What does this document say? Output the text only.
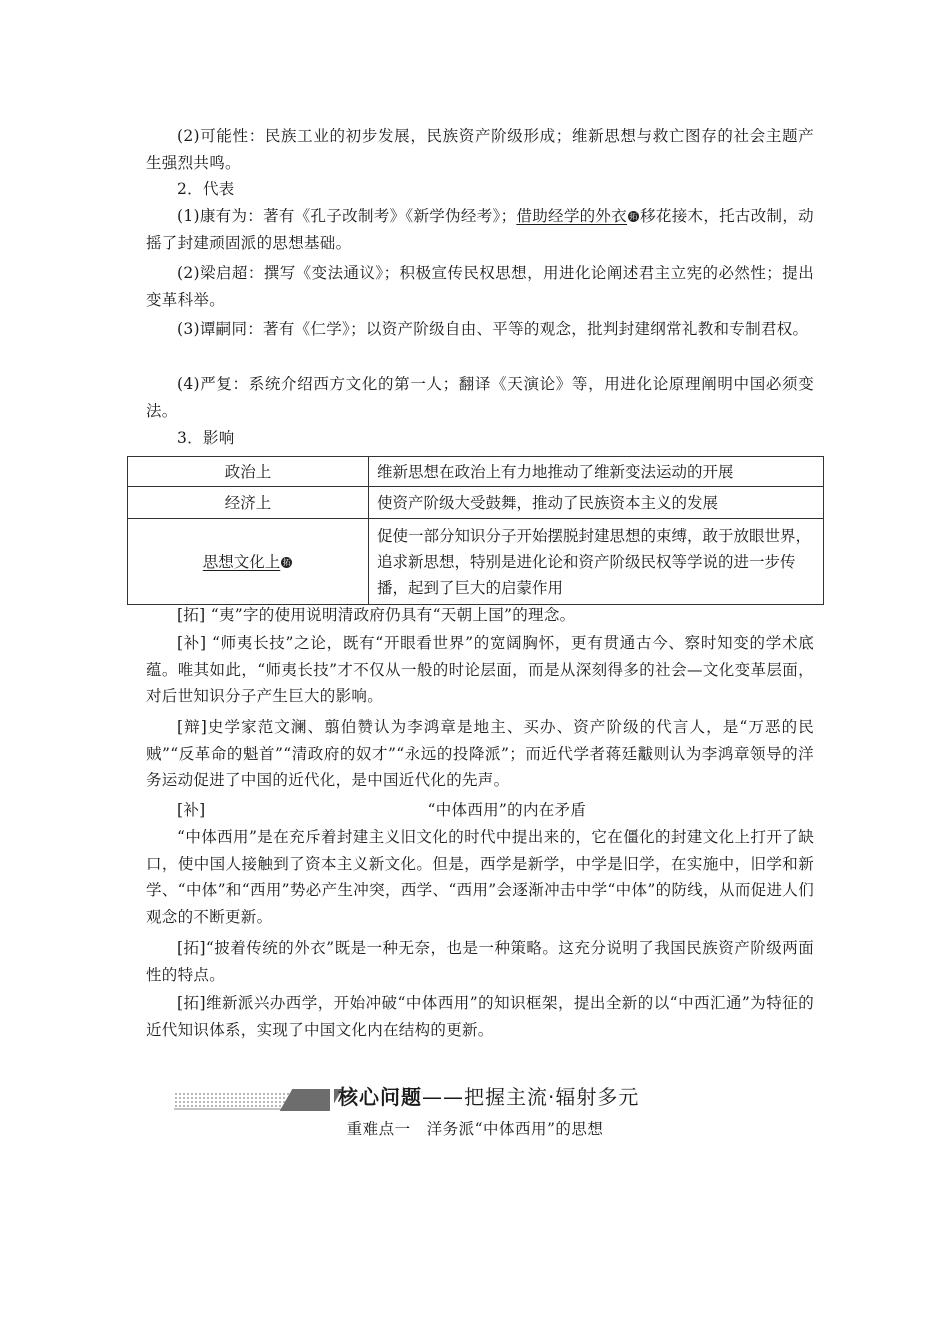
(2)可能性：民族工业的初步发展，民族资产阶级形成；维新思想与救亡图存的社会主题产生强烈共鸣。

2．代表

(1)康有为：著有《孔子改制考》《新学伪经考》；借助经学的外衣 拓 移花接木，托古改制，动摇了封建顽固派的思想基础。

(2)梁启超：撰写《变法通议》；积极宣传民权思想，用进化论阐述君主立宪的必然性；提出变革科举。

(3)谭嗣同：著有《仁学》；以资产阶级自由、平等的观念，批判封建纲常礼教和专制君权。

(4)严复：系统介绍西方文化的第一人；翻译《天演论》等，用进化论原理阐明中国必须变法。

3．影响

政治上	维新思想在政治上有力地推动了维新变法运动的开展
经济上	使资产阶级大受鼓舞，推动了民族资本主义的发展
思想文化上 拓	促使一部分知识分子开始摆脱封建思想的束缚，敢于放眼世界，追求新思想，特别是进化论和资产阶级民权等学说的进一步传播，起到了巨大的启蒙作用

[拓] “夷”字的使用说明清政府仍具有“天朝上国”的理念。

[补] “师夷长技”之论，既有“开眼看世界”的宽阔胸怀，更有贯通古今、察时知变的学术底蕴。唯其如此，“师夷长技”才不仅从一般的时论层面，而是从深刻得多的社会—文化变革层面，对后世知识分子产生巨大的影响。

[辩]史学家范文澜、翦伯赞认为李鸿章是地主、买办、资产阶级的代言人，是“万恶的民贼”“反革命的魁首”“清政府的奴才”“永远的投降派”；而近代学者蒋廷黻则认为李鸿章领导的洋务运动促进了中国的近代化，是中国近代化的先声。

[补]	“中体西用”的内在矛盾

“中体西用”是在充斥着封建主义旧文化的时代中提出来的，它在僵化的封建文化上打开了缺口，使中国人接触到了资本主义新文化。但是，西学是新学，中学是旧学，在实施中，旧学和新学、“中体”和“西用”势必产生冲突，西学、“西用”会逐渐冲击中学“中体”的防线，从而促进人们观念的不断更新。

[拓]“披着传统的外衣”既是一种无奈，也是一种策略。这充分说明了我国民族资产阶级两面性的特点。

[拓]维新派兴办西学，开始冲破“中体西用”的知识框架，提出全新的以“中西汇通”为特征的近代知识体系，实现了中国文化内在结构的更新。

核心问题——把握主流·辐射多元
重难点一　洋务派“中体西用”的思想
